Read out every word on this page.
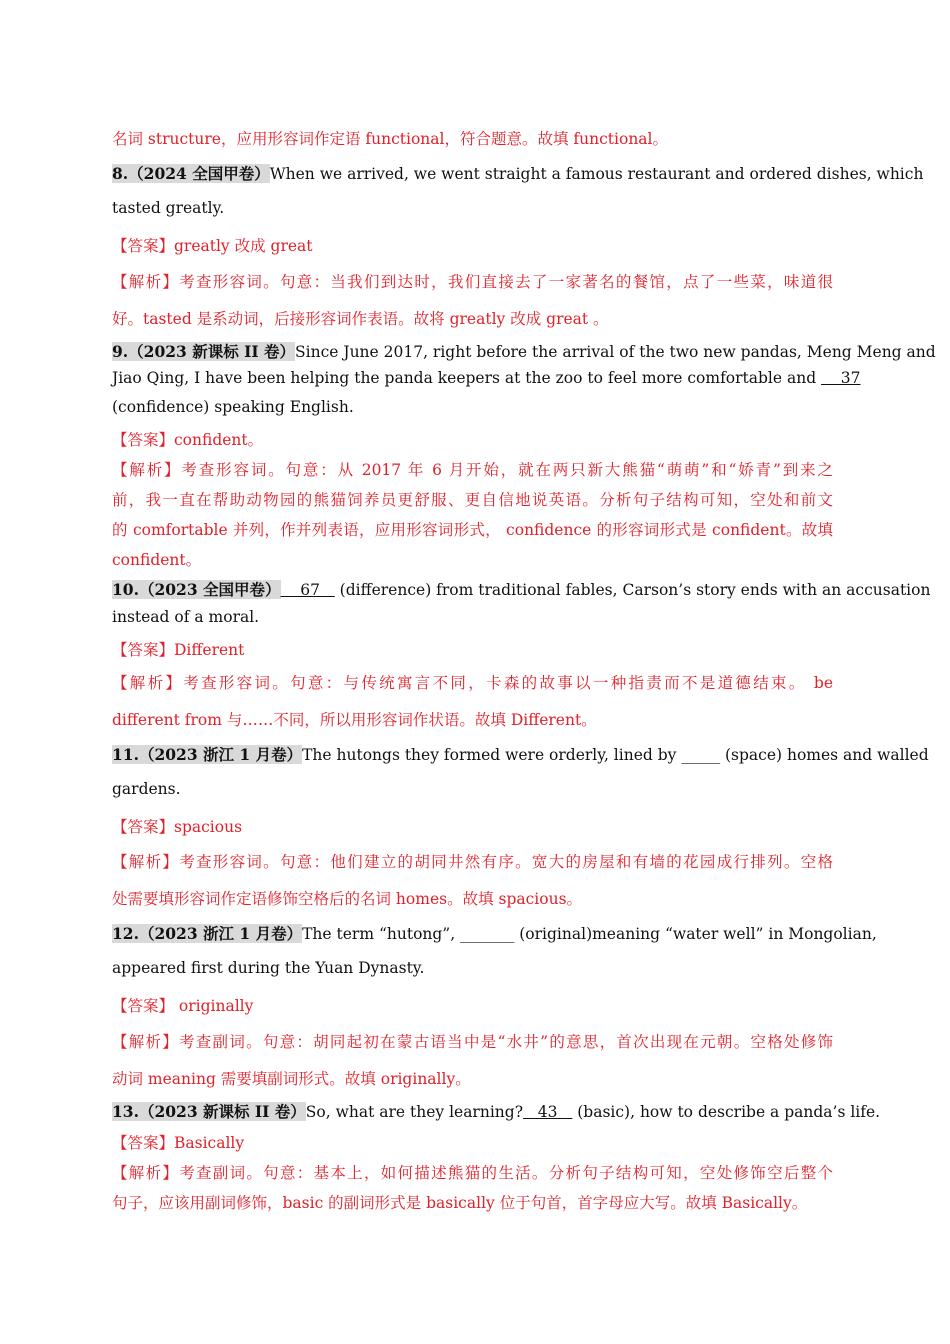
名词 structure，应用形容词作定语 functional，符合题意。故填 functional。
8.（2024 全国甲卷）When we arrived, we went straight a famous restaurant and ordered dishes, which
tasted greatly.
【答案】greatly 改成 great
【解析】考查形容词。句意：当我们到达时，我们直接去了一家著名的餐馆，点了一些菜，味道很
好。tasted 是系动词，后接形容词作表语。故将 greatly 改成 great 。
9.（2023 新课标 II 卷）Since June 2017, right before the arrival of the two new pandas, Meng Meng and
Jiao Qing, I have been helping the panda keepers at the zoo to feel more comfortable and     37
(confidence) speaking English.
【答案】confident。
【解析】考查形容词。句意：从 2017 年 6 月开始，就在两只新大熊猫“萌萌”和“娇青”到来之
前，我一直在帮助动物园的熊猫饲养员更舒服、更自信地说英语。分析句子结构可知，空处和前文
的 comfortable 并列，作并列表语，应用形容词形式， confidence 的形容词形式是 confident。故填
confident。
10.（2023 全国甲卷）    67    (difference) from traditional fables, Carson’s story ends with an accusation
instead of a moral.
【答案】Different
【解析】考查形容词。句意：与传统寓言不同，卡森的故事以一种指责而不是道德结束。 be
different from 与……不同，所以用形容词作状语。故填 Different。
11.（2023 浙江 1 月卷）The hutongs they formed were orderly, lined by _____ (space) homes and walled
gardens.
【答案】spacious
【解析】考查形容词。句意：他们建立的胡同井然有序。宽大的房屋和有墙的花园成行排列。空格
处需要填形容词作定语修饰空格后的名词 homes。故填 spacious。
12.（2023 浙江 1 月卷）The term “hutong”, _______ (original)meaning “water well” in Mongolian,
appeared first during the Yuan Dynasty.
【答案】 originally
【解析】考查副词。句意：胡同起初在蒙古语当中是“水井”的意思，首次出现在元朝。空格处修饰
动词 meaning 需要填副词形式。故填 originally。
13.（2023 新课标 II 卷）So, what are they learning?   43    (basic), how to describe a panda’s life.
【答案】Basically
【解析】考查副词。句意：基本上，如何描述熊猫的生活。分析句子结构可知，空处修饰空后整个
句子，应该用副词修饰，basic 的副词形式是 basically 位于句首，首字母应大写。故填 Basically。
